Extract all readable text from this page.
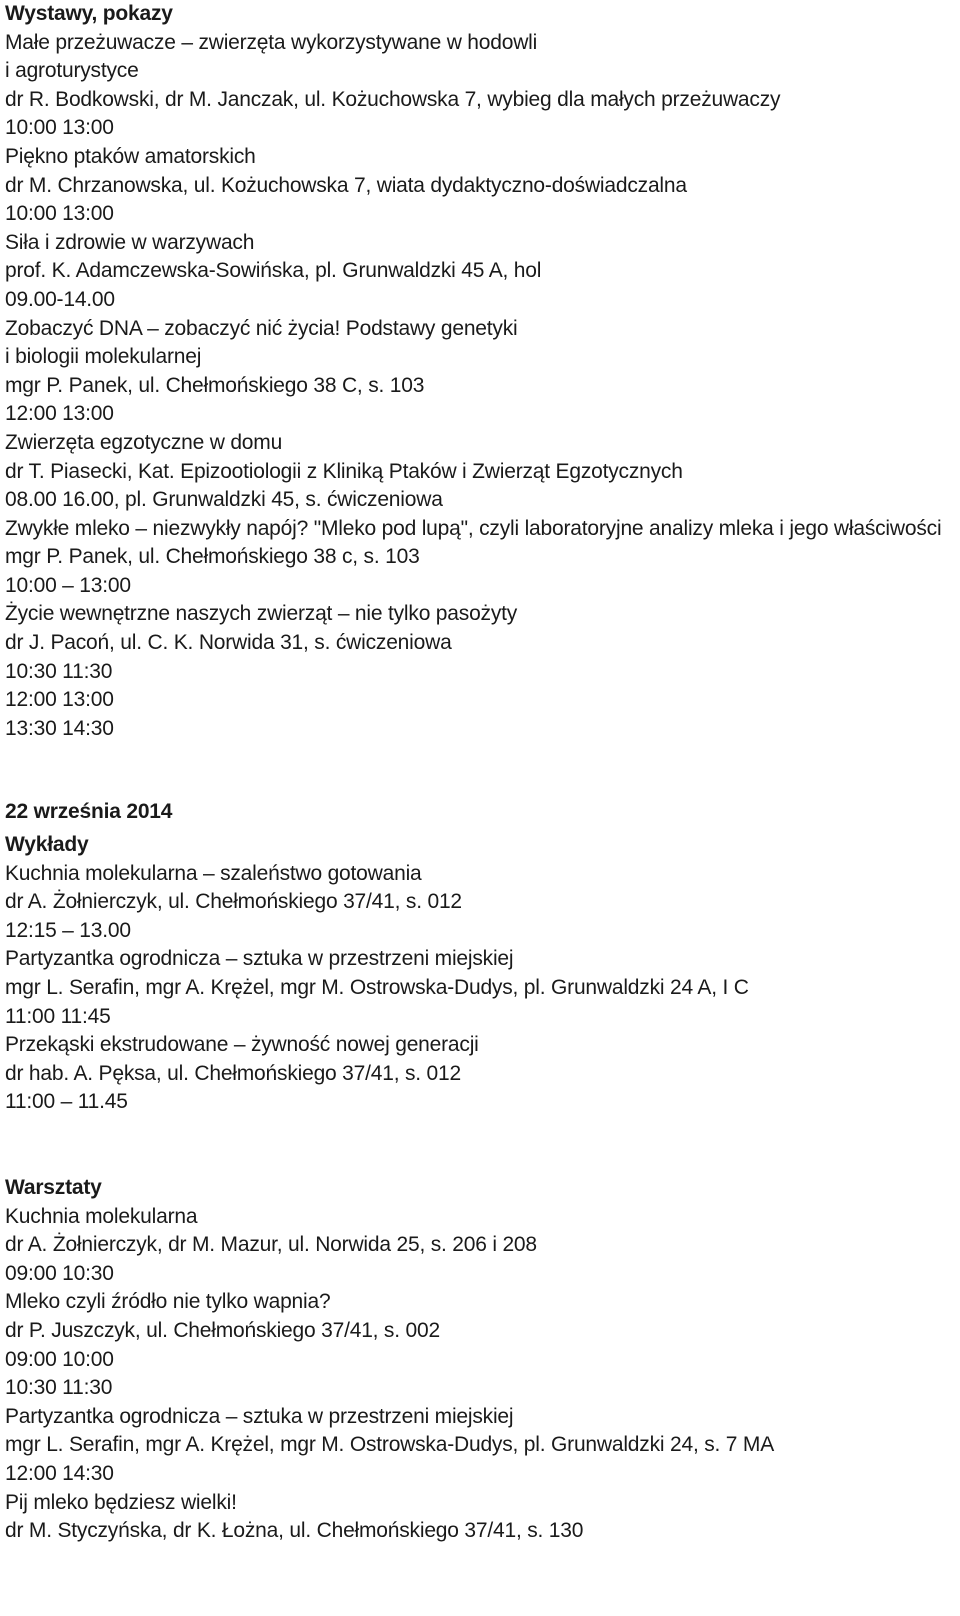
Wystawy, pokazy
Małe przeżuwacze – zwierzęta wykorzystywane w hodowli
i agroturystyce
dr R. Bodkowski, dr M. Janczak, ul. Kożuchowska 7, wybieg dla małych przeżuwaczy
10:00 13:00
Piękno ptaków amatorskich
dr M. Chrzanowska, ul. Kożuchowska 7, wiata dydaktyczno-doświadczalna
10:00 13:00
Siła i zdrowie w warzywach
prof. K. Adamczewska-Sowińska, pl. Grunwaldzki 45 A, hol
09.00-14.00
Zobaczyć DNA – zobaczyć nić życia! Podstawy genetyki
i biologii molekularnej
mgr P. Panek, ul. Chełmońskiego 38 C, s. 103
12:00 13:00
Zwierzęta egzotyczne w domu
dr T. Piasecki, Kat. Epizootiologii z Kliniką Ptaków i Zwierząt Egzotycznych
08.00 16.00, pl. Grunwaldzki 45, s. ćwiczeniowa
Zwykłe mleko – niezwykły napój? "Mleko pod lupą", czyli laboratoryjne analizy mleka i jego właściwości
mgr P. Panek, ul. Chełmońskiego 38 c, s. 103
10:00 – 13:00
Życie wewnętrzne naszych zwierząt – nie tylko pasożyty
dr J. Pacoń, ul. C. K. Norwida 31, s. ćwiczeniowa
10:30 11:30
12:00 13:00
13:30 14:30
22 września 2014
Wykłady
Kuchnia molekularna – szaleństwo gotowania
dr A. Żołnierczyk, ul. Chełmońskiego 37/41, s. 012
12:15 – 13.00
Partyzantka ogrodnicza – sztuka w przestrzeni miejskiej
mgr L. Serafin, mgr A. Krężel, mgr M. Ostrowska-Dudys, pl. Grunwaldzki 24 A, I C
11:00 11:45
Przekąski ekstrudowane – żywność nowej generacji
dr hab. A. Pęksa, ul. Chełmońskiego 37/41, s. 012
11:00 – 11.45
Warsztaty
Kuchnia molekularna
dr A. Żołnierczyk, dr M. Mazur, ul. Norwida 25, s. 206 i 208
09:00 10:30
Mleko czyli źródło nie tylko wapnia?
dr P. Juszczyk, ul. Chełmońskiego 37/41, s. 002
09:00 10:00
10:30 11:30
Partyzantka ogrodnicza – sztuka w przestrzeni miejskiej
mgr L. Serafin, mgr A. Krężel, mgr M. Ostrowska-Dudys, pl. Grunwaldzki 24, s. 7 MA
12:00 14:30
Pij mleko będziesz wielki!
dr M. Styczyńska, dr K. Łożna, ul. Chełmońskiego 37/41, s. 130
